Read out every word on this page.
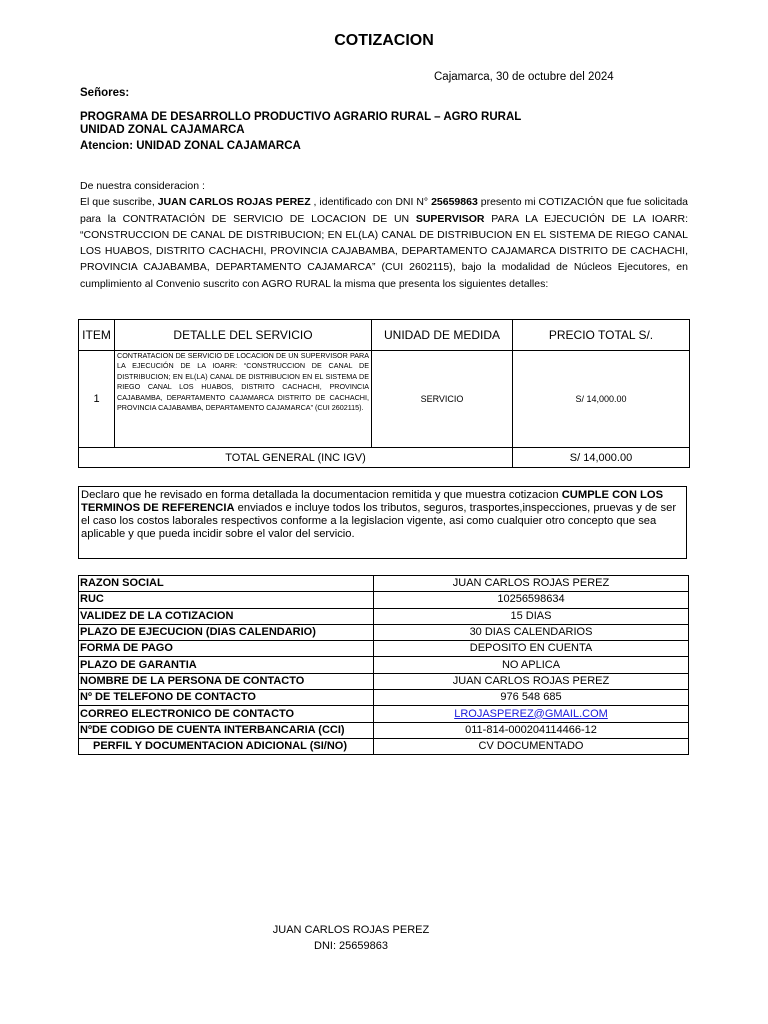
COTIZACION
Cajamarca, 30 de octubre del 2024
Señores:
PROGRAMA DE DESARROLLO PRODUCTIVO AGRARIO RURAL – AGRO RURAL
UNIDAD ZONAL CAJAMARCA
Atencion: UNIDAD ZONAL CAJAMARCA

De nuestra consideracion :

El que suscribe, JUAN CARLOS ROJAS PEREZ , identificado con DNI N° 25659863 presento mi COTIZACIÓN que fue solicitada para la CONTRATACIÓN DE SERVICIO DE LOCACION DE UN SUPERVISOR PARA LA EJECUCIÓN DE LA IOARR: “CONSTRUCCION DE CANAL DE DISTRIBUCION; EN EL(LA) CANAL DE DISTRIBUCION EN EL SISTEMA DE RIEGO CANAL LOS HUABOS, DISTRITO CACHACHI, PROVINCIA CAJABAMBA, DEPARTAMENTO CAJAMARCA DISTRITO DE CACHACHI, PROVINCIA CAJABAMBA, DEPARTAMENTO CAJAMARCA” (CUI 2602115), bajo la modalidad de Núcleos Ejecutores, en cumplimiento al Convenio suscrito con AGRO RURAL la misma que presenta los siguientes detalles:

ITEM	DETALLE DEL SERVICIO	UNIDAD DE MEDIDA	PRECIO TOTAL S/.
1	CONTRATACION DE SERVICIO DE LOCACION DE UN SUPERVISOR PARA LA EJECUCIÓN DE LA IOARR: “CONSTRUCCION DE CANAL DE DISTRIBUCION; EN EL(LA) CANAL DE DISTRIBUCION EN EL SISTEMA DE RIEGO CANAL LOS HUABOS, DISTRITO CACHACHI, PROVINCIA CAJABAMBA, DEPARTAMENTO CAJAMARCA DISTRITO DE CACHACHI, PROVINCIA CAJABAMBA, DEPARTAMENTO CAJAMARCA” (CUI 2602115).	SERVICIO	S/ 14,000.00
TOTAL GENERAL (INC IGV)			S/ 14,000.00
Declaro que he revisado en forma detallada la documentacion remitida y que muestra cotizacion CUMPLE CON LOS TERMINOS DE REFERENCIA enviados e incluye todos los tributos, seguros, trasportes,inspecciones, pruevas y de ser el caso los costos laborales respectivos conforme a la legislacion vigente, asi como cualquier otro concepto que sea aplicable y que pueda incidir sobre el valor del servicio.
RAZON SOCIAL	JUAN CARLOS ROJAS PEREZ
RUC	10256598634
VALIDEZ DE LA COTIZACION	15 DIAS
PLAZO DE EJECUCION (DIAS CALENDARIO)	30 DIAS CALENDARIOS
FORMA DE PAGO	DEPOSITO EN CUENTA
PLAZO DE GARANTIA	NO APLICA
NOMBRE DE LA PERSONA DE CONTACTO	JUAN CARLOS ROJAS PEREZ
Nº DE TELEFONO DE CONTACTO	976 548 685
CORREO ELECTRONICO DE CONTACTO	LROJASPEREZ@GMAIL.COM
NºDE CODIGO DE CUENTA INTERBANCARIA (CCI)	011-814-000204114466-12
PERFIL Y DOCUMENTACION ADICIONAL (SI/NO)	CV DOCUMENTADO
JUAN CARLOS ROJAS PEREZ
DNI: 25659863
